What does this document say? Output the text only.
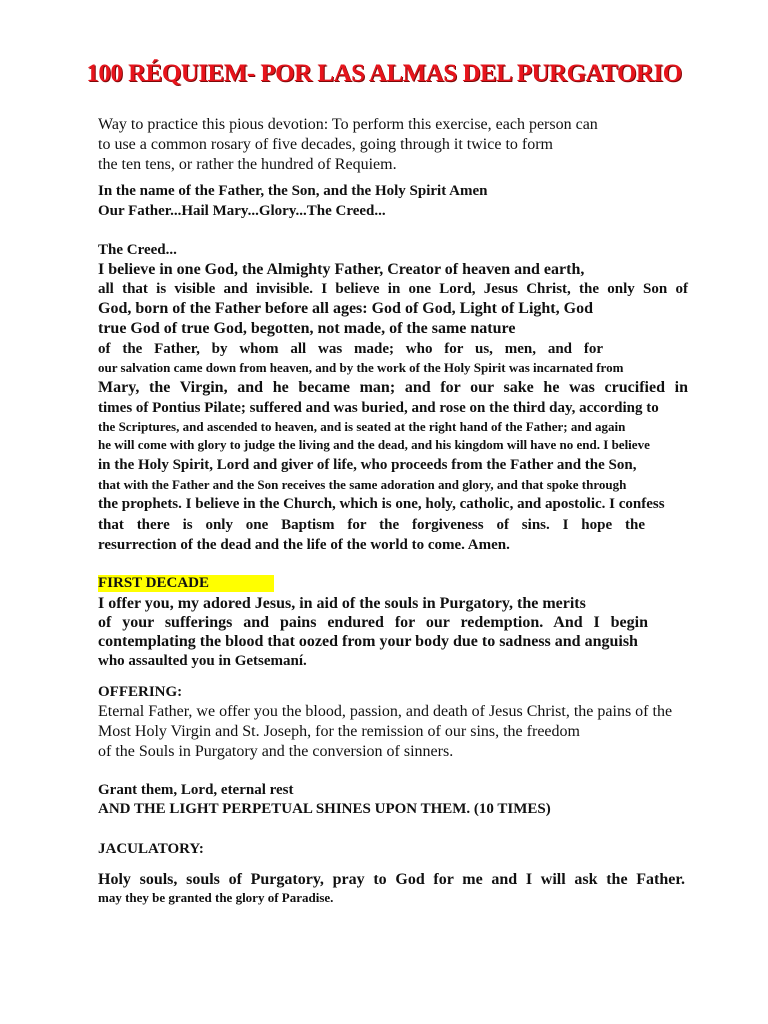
100 RÉQUIEM- POR LAS ALMAS DEL PURGATORIO
Way to practice this pious devotion: To perform this exercise, each person can
to use a common rosary of five decades, going through it twice to form
the ten tens, or rather the hundred of Requiem.
In the name of the Father, the Son, and the Holy Spirit Amen
Our Father...Hail Mary...Glory...The Creed...
The Creed...
I believe in one God, the Almighty Father, Creator of heaven and earth,
all that is visible and invisible. I believe in one Lord, Jesus Christ, the only Son of
God, born of the Father before all ages: God of God, Light of Light, God
true God of true God, begotten, not made, of the same nature
of the Father, by whom all was made; who for us, men, and for
our salvation came down from heaven, and by the work of the Holy Spirit was incarnated from
Mary, the Virgin, and he became man; and for our sake he was crucified in
times of Pontius Pilate; suffered and was buried, and rose on the third day, according to
the Scriptures, and ascended to heaven, and is seated at the right hand of the Father; and again
he will come with glory to judge the living and the dead, and his kingdom will have no end. I believe
in the Holy Spirit, Lord and giver of life, who proceeds from the Father and the Son,
that with the Father and the Son receives the same adoration and glory, and that spoke through
the prophets. I believe in the Church, which is one, holy, catholic, and apostolic. I confess
that there is only one Baptism for the forgiveness of sins. I hope the
resurrection of the dead and the life of the world to come. Amen.
FIRST DECADE
I offer you, my adored Jesus, in aid of the souls in Purgatory, the merits
of your sufferings and pains endured for our redemption. And I begin
contemplating the blood that oozed from your body due to sadness and anguish
who assaulted you in Getsemaní.
OFFERING:
Eternal Father, we offer you the blood, passion, and death of Jesus Christ, the pains of the
Most Holy Virgin and St. Joseph, for the remission of our sins, the freedom
of the Souls in Purgatory and the conversion of sinners.
Grant them, Lord, eternal rest
AND THE LIGHT PERPETUAL SHINES UPON THEM. (10 TIMES)
JACULATORY:
Holy souls, souls of Purgatory, pray to God for me and I will ask the Father.
may they be granted the glory of Paradise.
